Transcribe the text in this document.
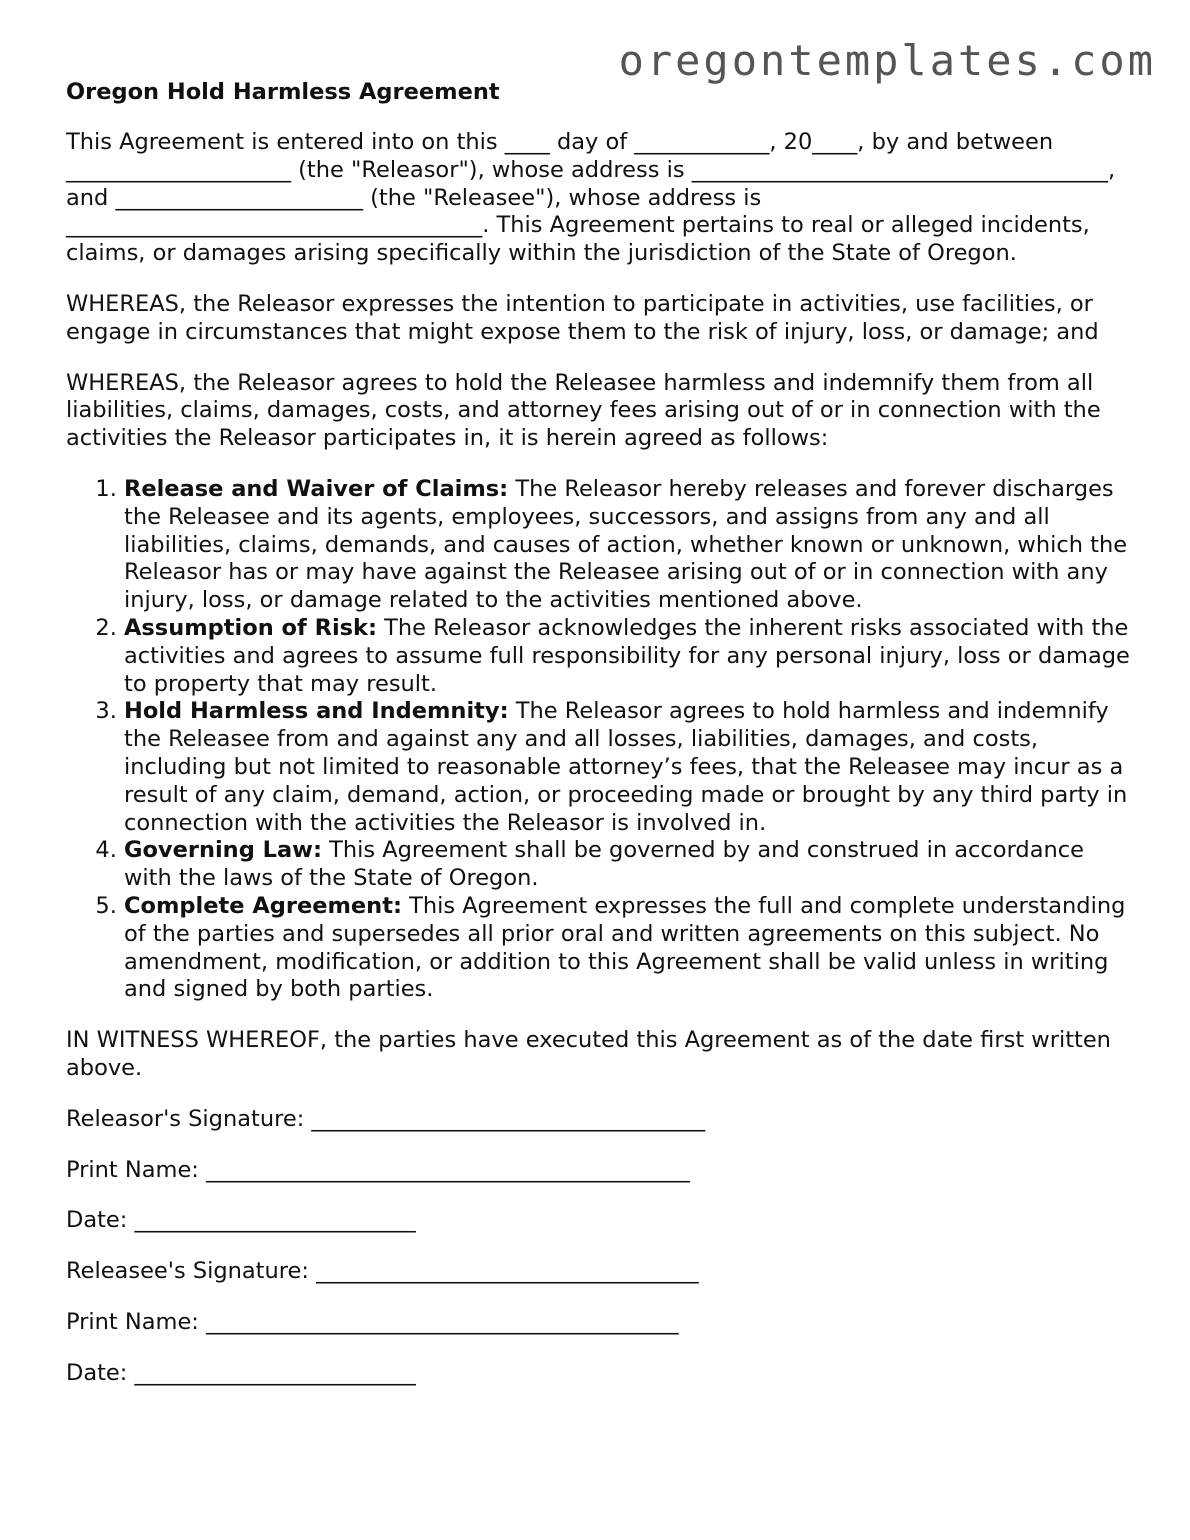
oregontemplates.com
Oregon Hold Harmless Agreement

This Agreement is entered into on this ____ day of ____________, 20____, by and between ____________________ (the "Releasor"), whose address is _____________________________________, and ______________________ (the "Releasee"), whose address is _____________________________________. This Agreement pertains to real or alleged incidents, claims, or damages arising specifically within the jurisdiction of the State of Oregon.

WHEREAS, the Releasor expresses the intention to participate in activities, use facilities, or engage in circumstances that might expose them to the risk of injury, loss, or damage; and

WHEREAS, the Releasor agrees to hold the Releasee harmless and indemnify them from all liabilities, claims, damages, costs, and attorney fees arising out of or in connection with the activities the Releasor participates in, it is herein agreed as follows:

1. Release and Waiver of Claims: The Releasor hereby releases and forever discharges the Releasee and its agents, employees, successors, and assigns from any and all liabilities, claims, demands, and causes of action, whether known or unknown, which the Releasor has or may have against the Releasee arising out of or in connection with any injury, loss, or damage related to the activities mentioned above.
2. Assumption of Risk: The Releasor acknowledges the inherent risks associated with the activities and agrees to assume full responsibility for any personal injury, loss or damage to property that may result.
3. Hold Harmless and Indemnity: The Releasor agrees to hold harmless and indemnify the Releasee from and against any and all losses, liabilities, damages, and costs, including but not limited to reasonable attorney’s fees, that the Releasee may incur as a result of any claim, demand, action, or proceeding made or brought by any third party in connection with the activities the Releasor is involved in.
4. Governing Law: This Agreement shall be governed by and construed in accordance with the laws of the State of Oregon.
5. Complete Agreement: This Agreement expresses the full and complete understanding of the parties and supersedes all prior oral and written agreements on this subject. No amendment, modification, or addition to this Agreement shall be valid unless in writing and signed by both parties.

IN WITNESS WHEREOF, the parties have executed this Agreement as of the date first written above.

Releasor's Signature: ___________________________________
Print Name: ___________________________________________
Date: _________________________
Releasee's Signature: __________________________________
Print Name: __________________________________________
Date: _________________________
